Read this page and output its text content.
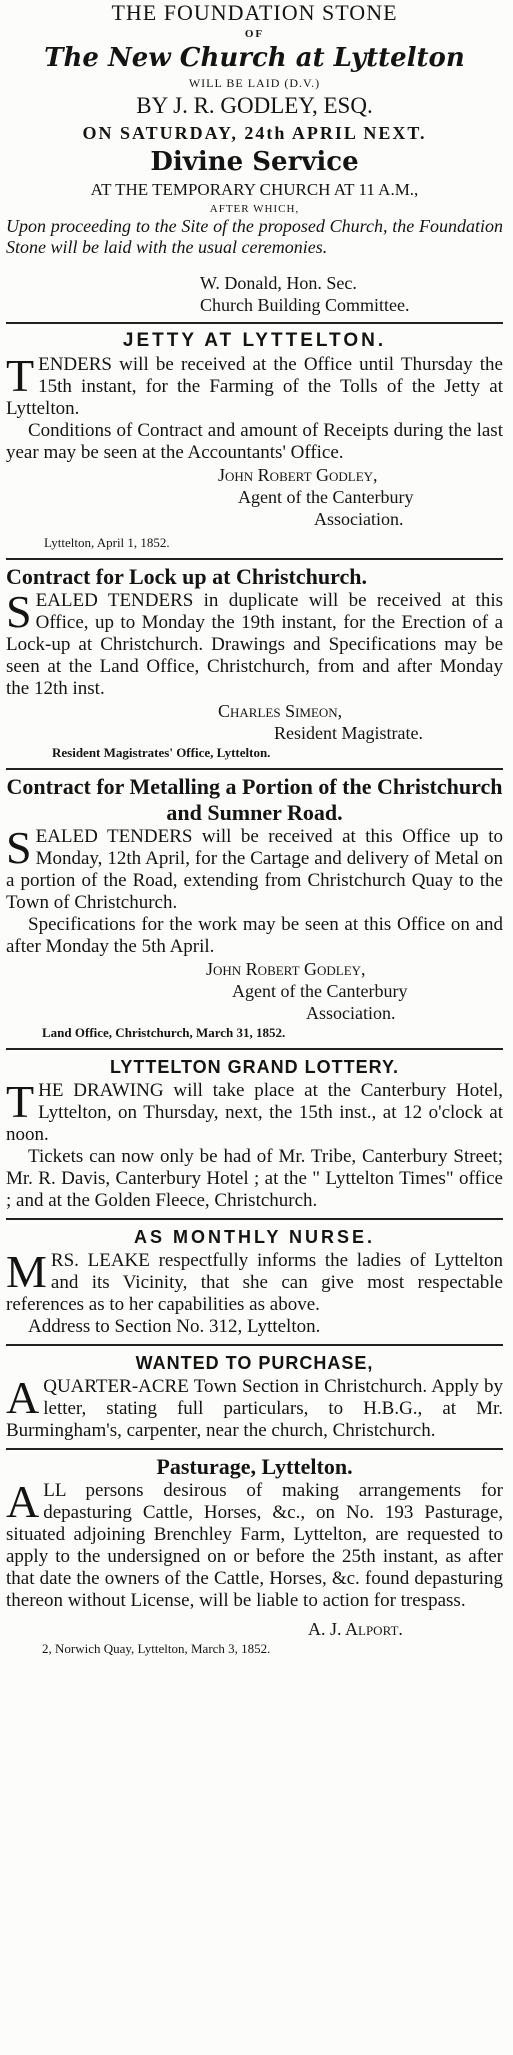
THE FOUNDATION STONE
OF
The New Church at Lyttelton
WILL BE LAID (D.V.)
BY J. R. GODLEY, ESQ.
ON SATURDAY, 24th APRIL NEXT.
Divine Service
AT THE TEMPORARY CHURCH AT 11 A.M.,
AFTER WHICH,
Upon proceeding to the Site of the proposed Church, the Foundation Stone will be laid with the usual ceremonies.
W. Donald, Hon. Sec.
Church Building Committee.
JETTY AT LYTTELTON.
T ENDERS will be received at the Office until Thursday the 15th instant, for the Farming of the Tolls of the Jetty at Lyttelton.

Conditions of Contract and amount of Receipts during the last year may be seen at the Accountants' Office.

John Robert Godley,
Agent of the Canterbury
Association.
Lyttelton, April 1, 1852.
Contract for Lock up at Christchurch.
S EALED TENDERS in duplicate will be received at this Office, up to Monday the 19th instant, for the Erection of a Lock-up at Christchurch. Drawings and Specifications may be seen at the Land Office, Christchurch, from and after Monday the 12th inst.

Charles Simeon,
Resident Magistrate.
Resident Magistrates' Office, Lyttelton.
Contract for Metalling a Portion of the Christchurch and Sumner Road.
S EALED TENDERS will be received at this Office up to Monday, 12th April, for the Cartage and delivery of Metal on a portion of the Road, extending from Christchurch Quay to the Town of Christchurch.

Specifications for the work may be seen at this Office on and after Monday the 5th April.

John Robert Godley,
Agent of the Canterbury
Association.
Land Office, Christchurch, March 31, 1852.
LYTTELTON GRAND LOTTERY.
T HE DRAWING will take place at the Canterbury Hotel, Lyttelton, on Thursday, next, the 15th inst., at 12 o'clock at noon.

Tickets can now only be had of Mr. Tribe, Canterbury Street; Mr. R. Davis, Canterbury Hotel ; at the " Lyttelton Times" office ; and at the Golden Fleece, Christchurch.

AS MONTHLY NURSE.
M RS. LEAKE respectfully informs the ladies of Lyttelton and its Vicinity, that she can give most respectable references as to her capabilities as above.

Address to Section No. 312, Lyttelton.

WANTED TO PURCHASE,
A QUARTER-ACRE Town Section in Christchurch. Apply by letter, stating full particulars, to H.B.G., at Mr. Burmingham's, carpenter, near the church, Christchurch.

Pasturage, Lyttelton.
A LL persons desirous of making arrangements for depasturing Cattle, Horses, &c., on No. 193 Pasturage, situated adjoining Brenchley Farm, Lyttelton, are requested to apply to the undersigned on or before the 25th instant, as after that date the owners of the Cattle, Horses, &c. found depasturing thereon without License, will be liable to action for trespass.

A. J. Alport.
2, Norwich Quay, Lyttelton, March 3, 1852.
